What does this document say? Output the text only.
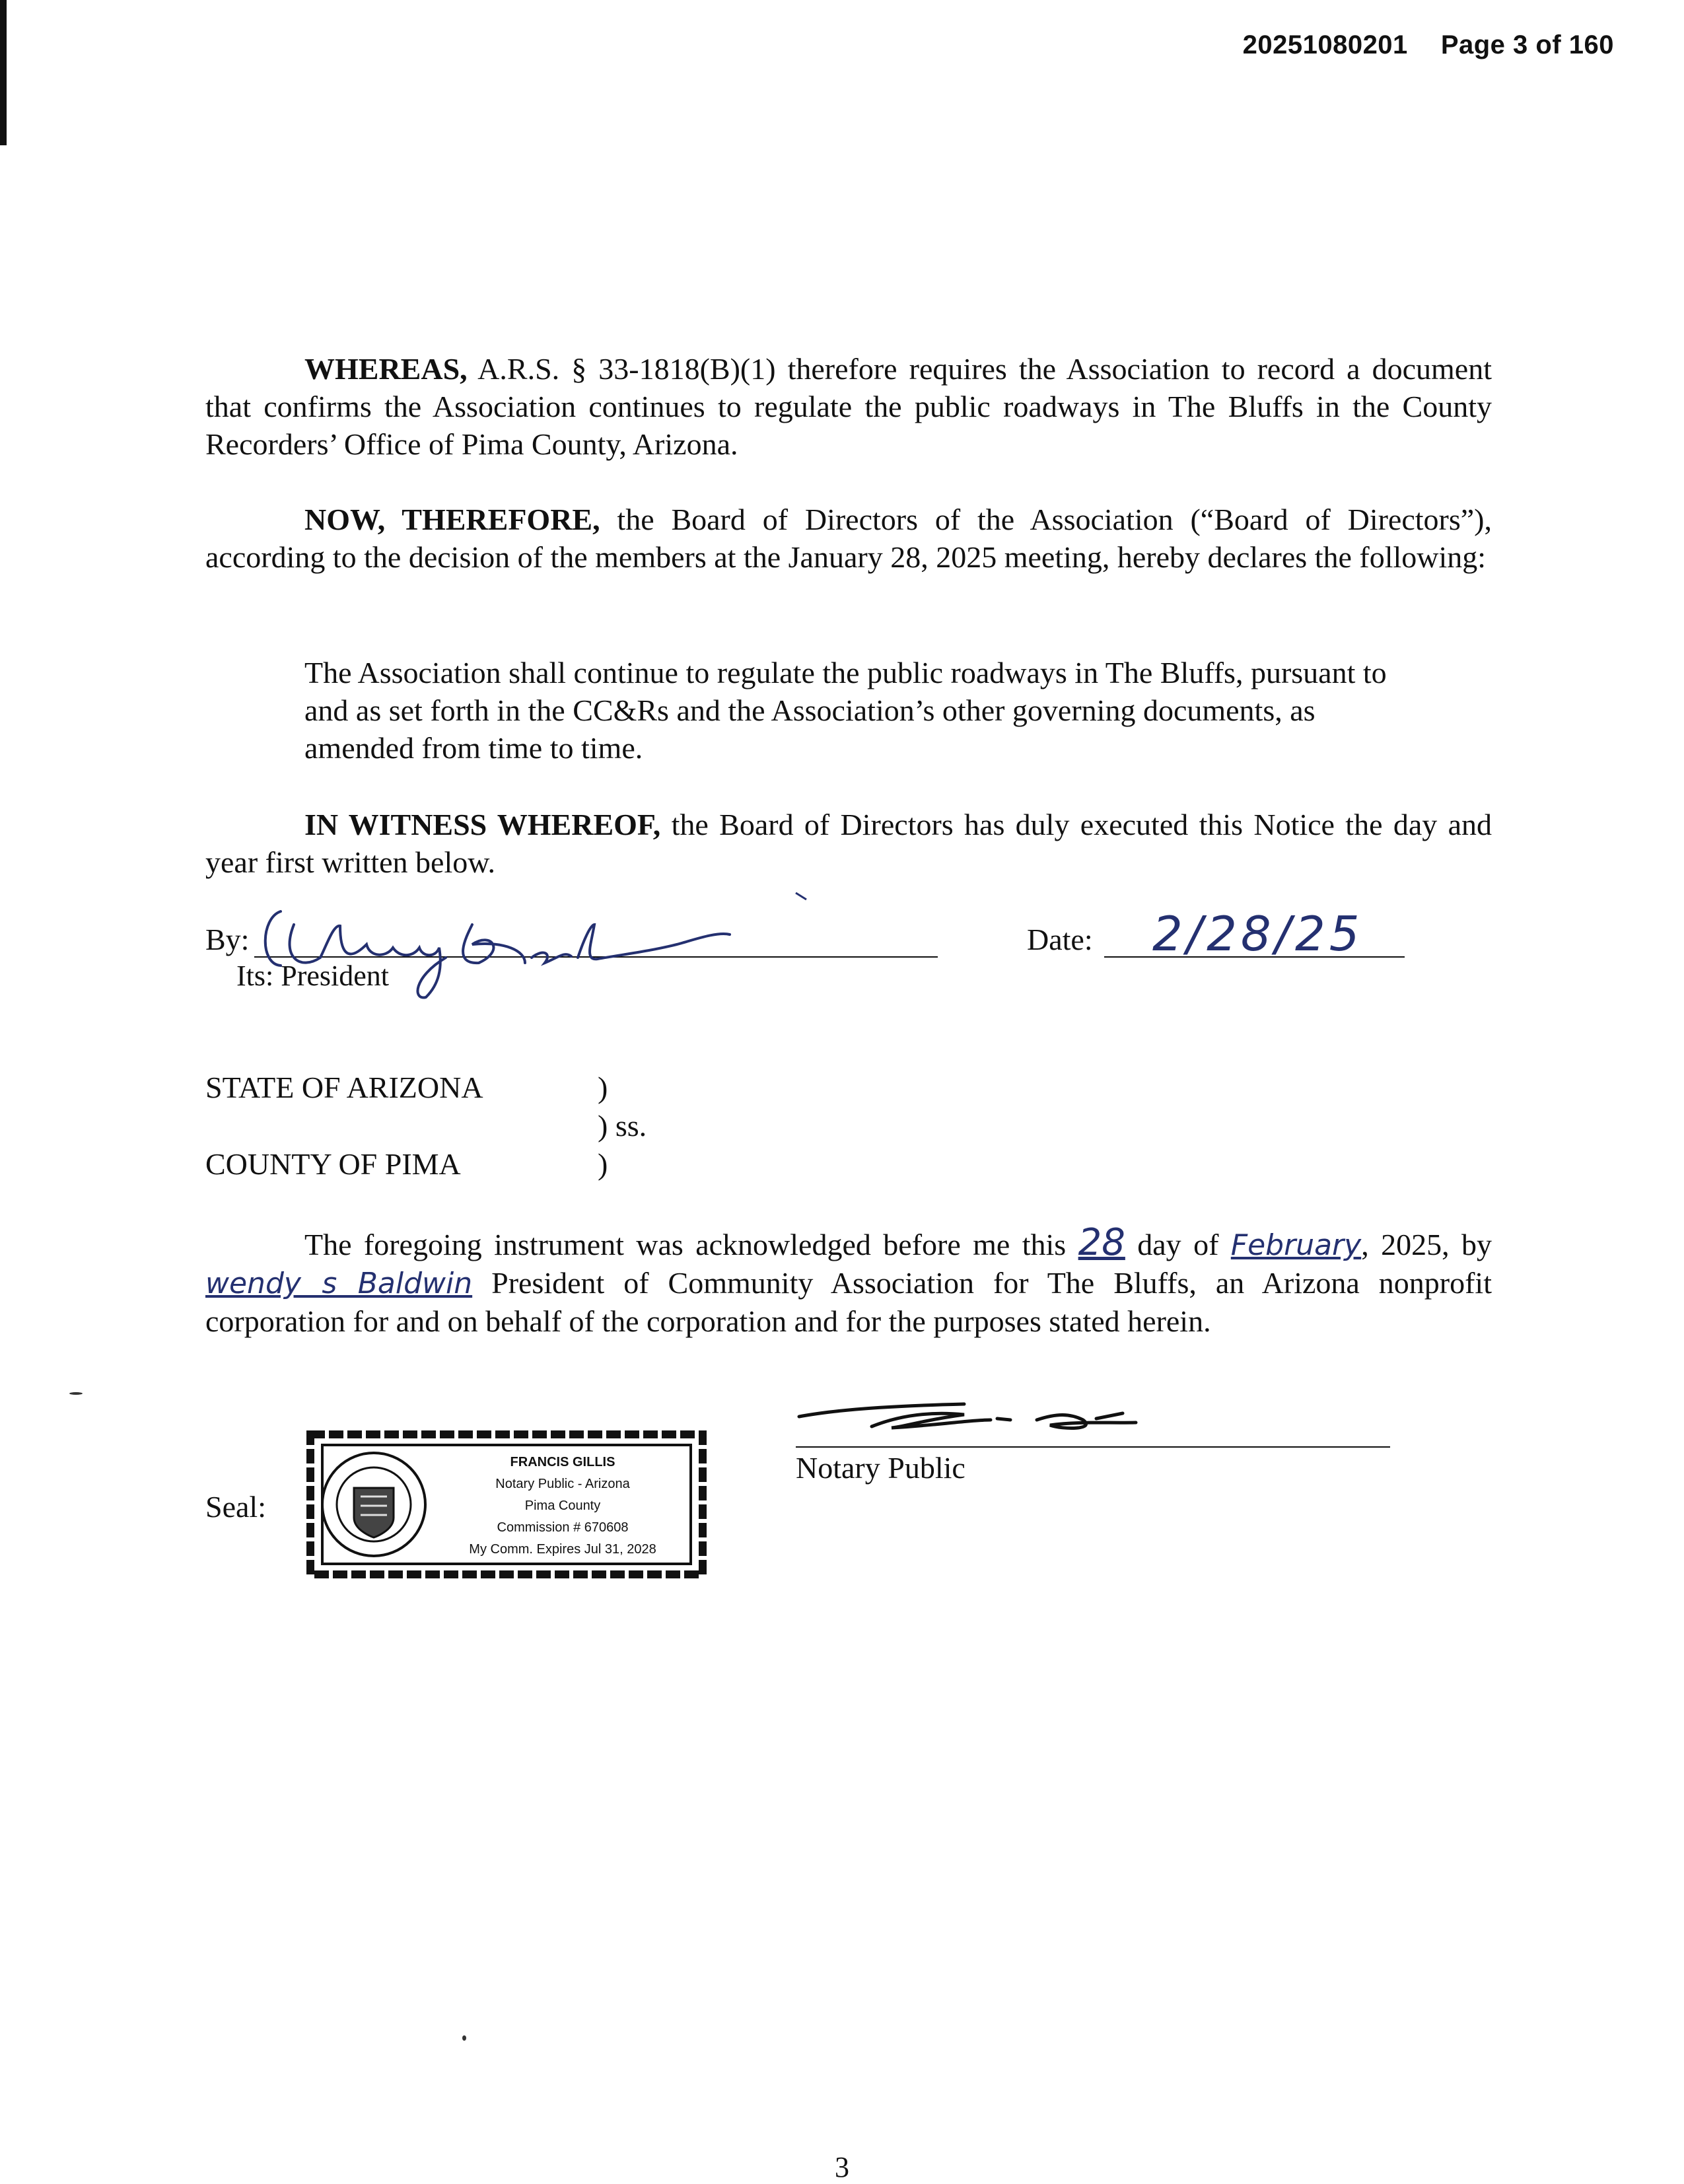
20251080201 Page 3 of 160
WHEREAS, A.R.S. § 33-1818(B)(1) therefore requires the Association to record a document that confirms the Association continues to regulate the public roadways in The Bluffs in the County Recorders’ Office of Pima County, Arizona.
NOW, THEREFORE, the Board of Directors of the Association (“Board of Directors”), according to the decision of the members at the January 28, 2025 meeting, hereby declares the following:
The Association shall continue to regulate the public roadways in The Bluffs, pursuant to and as set forth in the CC&Rs and the Association’s other governing documents, as amended from time to time.
IN WITNESS WHEREOF, the Board of Directors has duly executed this Notice the day and year first written below.
By:
Its: President
Date: 2/28/25
STATE OF ARIZONA	)
) ss.
COUNTY OF PIMA	)
The foregoing instrument was acknowledged before me this 28 day of February, 2025, by wendy s Baldwin President of Community Association for The Bluffs, an Arizona nonprofit corporation for and on behalf of the corporation and for the purposes stated herein.
Notary Public
Seal:
FRANCIS GILLIS
Notary Public - Arizona
Pima County
Commission # 670608
My Comm. Expires Jul 31, 2028
3
